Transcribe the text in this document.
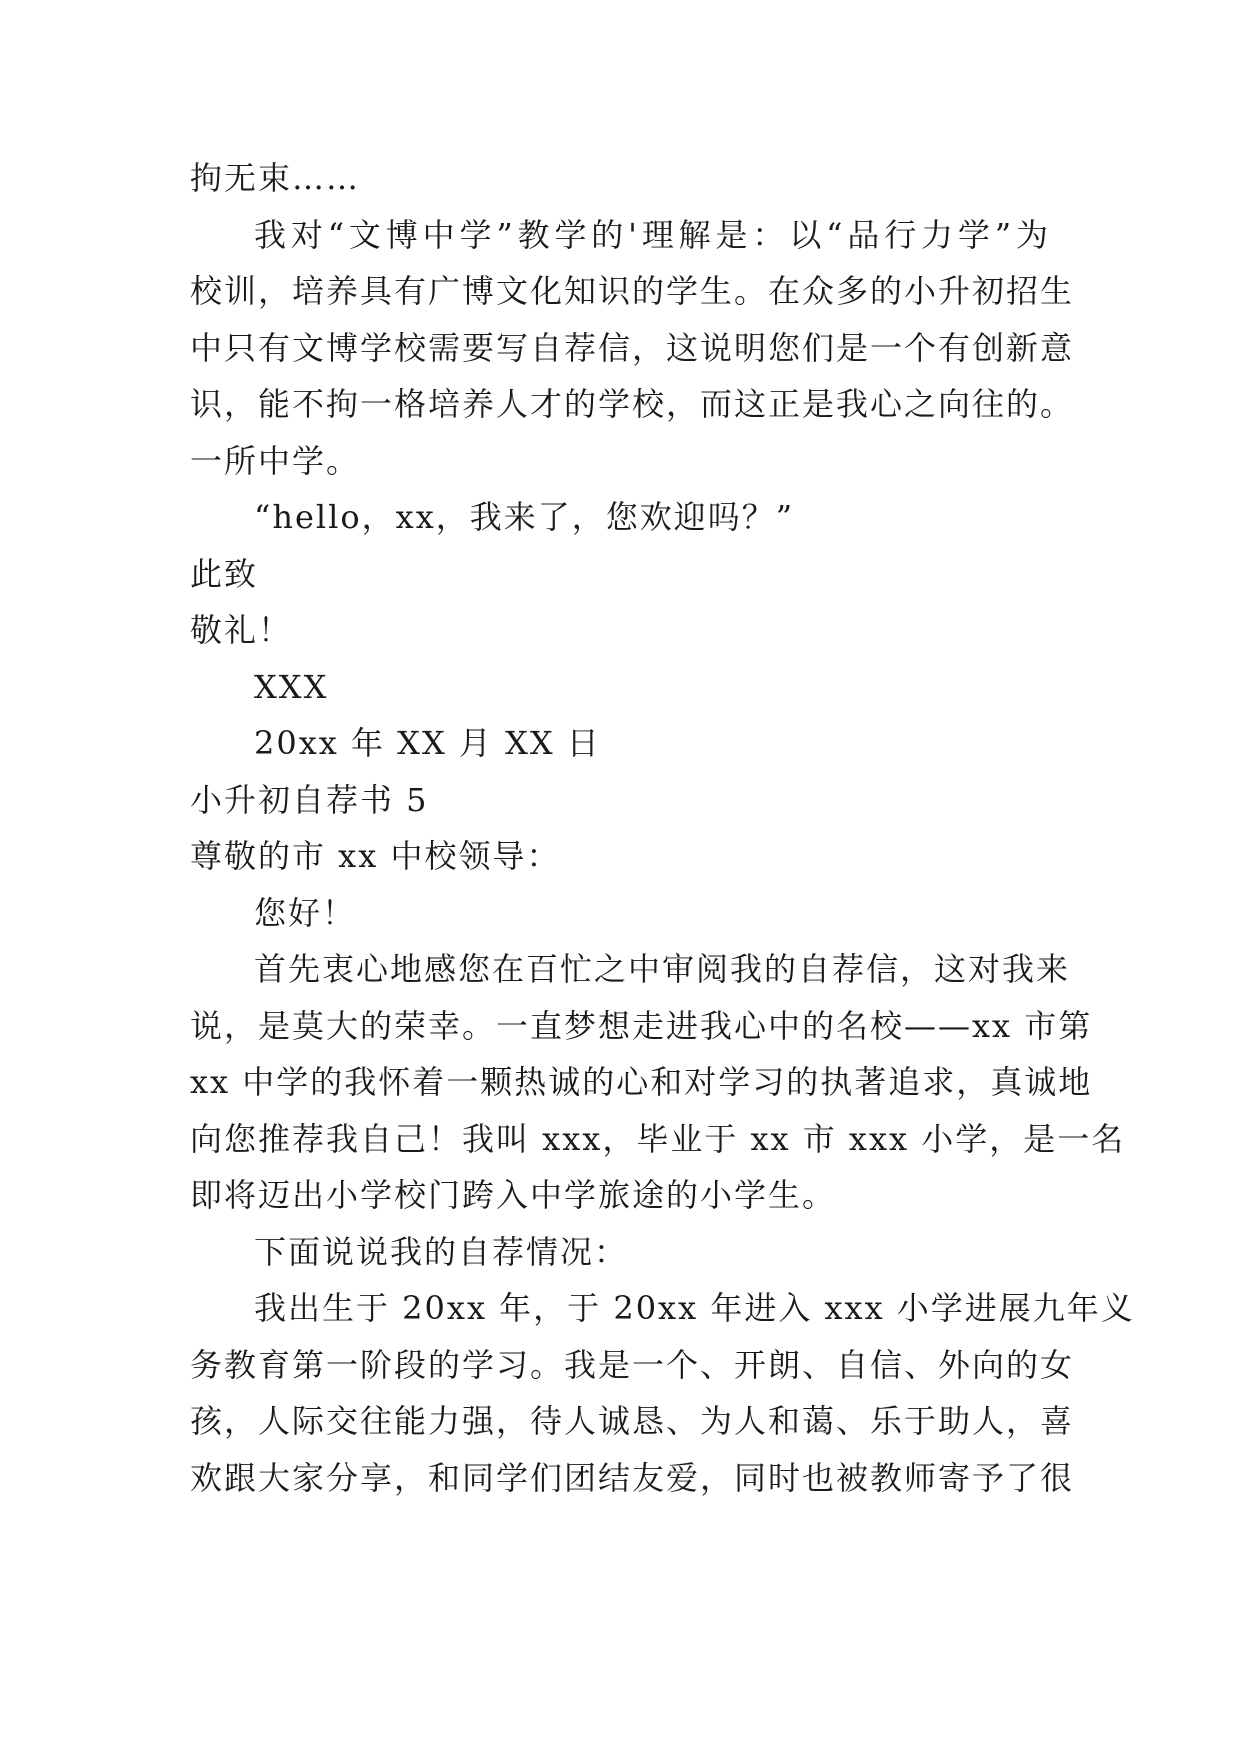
拘无束……
我对“文博中学”教学的'理解是：以“品行力学”为
校训，培养具有广博文化知识的学生。在众多的小升初招生
中只有文博学校需要写自荐信，这说明您们是一个有创新意
识，能不拘一格培养人才的学校，而这正是我心之向往的。
一所中学。
“hello，xx，我来了，您欢迎吗？”
此致
敬礼！
XXX
20xx 年 XX 月 XX 日
小升初自荐书 5
尊敬的市 xx 中校领导：
您好！
首先衷心地感您在百忙之中审阅我的自荐信，这对我来
说，是莫大的荣幸。一直梦想走进我心中的名校——xx 市第
xx 中学的我怀着一颗热诚的心和对学习的执著追求，真诚地
向您推荐我自己！我叫 xxx，毕业于 xx 市 xxx 小学，是一名
即将迈出小学校门跨入中学旅途的小学生。
下面说说我的自荐情况：
我出生于 20xx 年，于 20xx 年进入 xxx 小学进展九年义
务教育第一阶段的学习。我是一个、开朗、自信、外向的女
孩，人际交往能力强，待人诚恳、为人和蔼、乐于助人，喜
欢跟大家分享，和同学们团结友爱，同时也被教师寄予了很
